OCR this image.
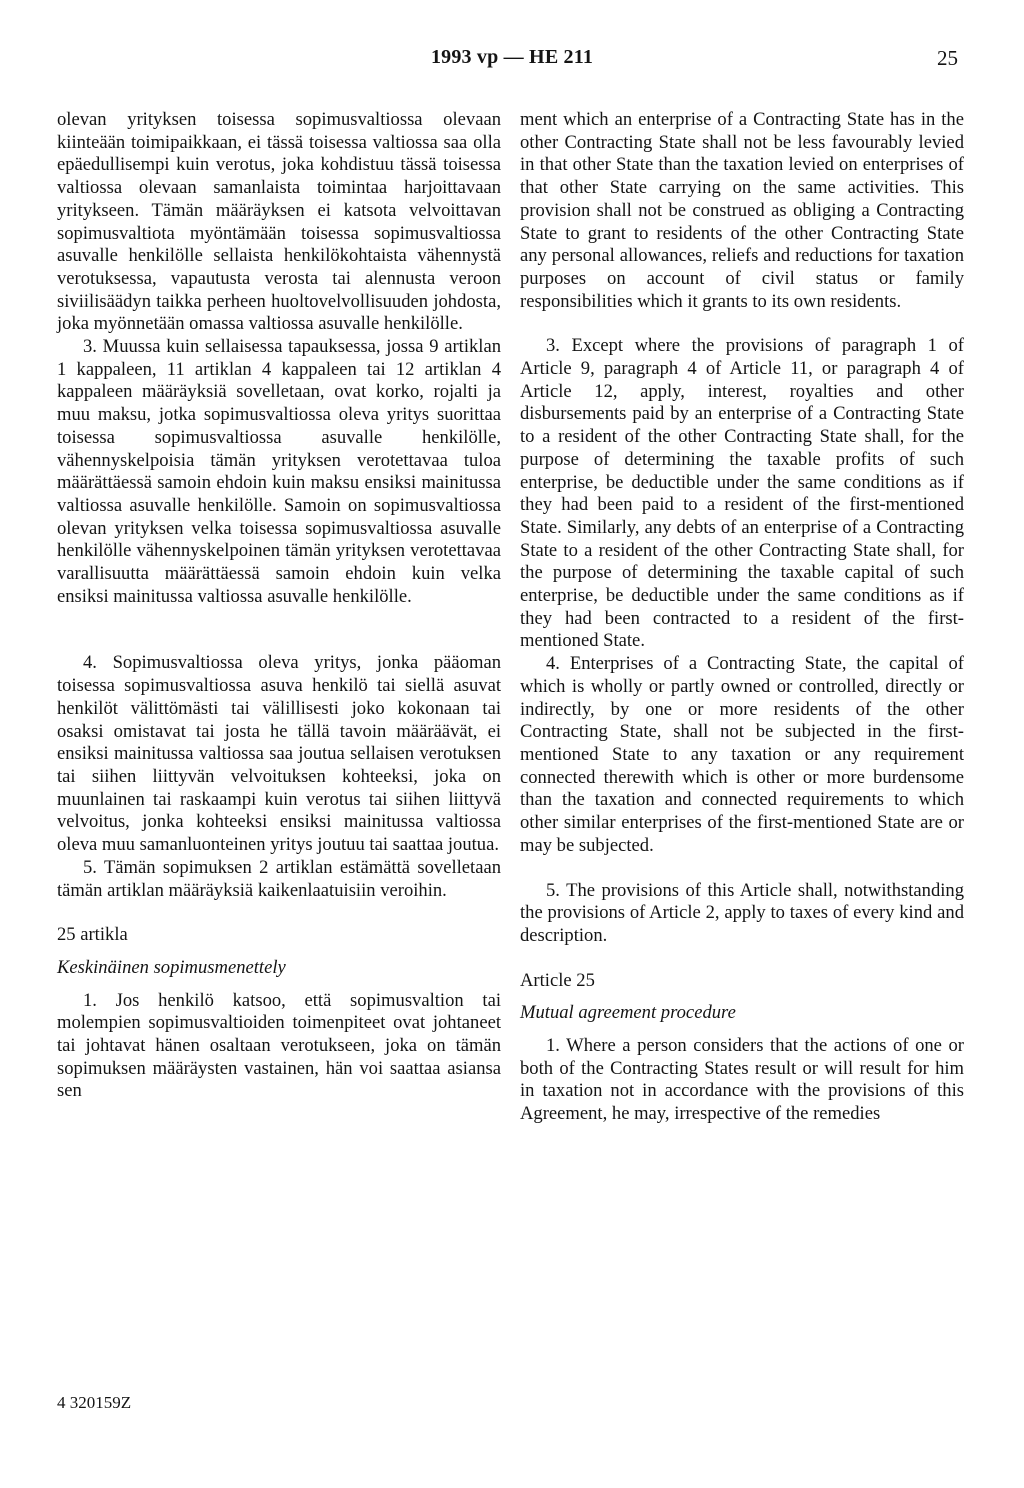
1993 vp — HE 211	25

olevan yrityksen toisessa sopimusvaltiossa olevaan kiinteään toimipaikkaan, ei tässä toisessa valtiossa saa olla epäedullisempi kuin verotus, joka kohdistuu tässä toisessa valtiossa olevaan samanlaista toimintaa harjoittavaan yritykseen. Tämän määräyksen ei katsota velvoittavan sopimusvaltiota myöntämään toisessa sopimusvaltiossa asuvalle henkilölle sellaista henkilökohtaista vähennystä verotuksessa, vapautusta verosta tai alennusta veroon siviilisäädyn taikka perheen huoltovelvollisuuden johdosta, joka myönnetään omassa valtiossa asuvalle henkilölle.

3. Muussa kuin sellaisessa tapauksessa, jossa 9 artiklan 1 kappaleen, 11 artiklan 4 kappaleen tai 12 artiklan 4 kappaleen määräyksiä sovelletaan, ovat korko, rojalti ja muu maksu, jotka sopimusvaltiossa oleva yritys suorittaa toisessa sopimusvaltiossa asuvalle henkilölle, vähennyskelpoisia tämän yrityksen verotettavaa tuloa määrättäessä samoin ehdoin kuin maksu ensiksi mainitussa valtiossa asuvalle henkilölle. Samoin on sopimusvaltiossa olevan yrityksen velka toisessa sopimusvaltiossa asuvalle henkilölle vähennyskelpoinen tämän yrityksen verotettavaa varallisuutta määrättäessä samoin ehdoin kuin velka ensiksi mainitussa valtiossa asuvalle henkilölle.

4. Sopimusvaltiossa oleva yritys, jonka pääoman toisessa sopimusvaltiossa asuva henkilö tai siellä asuvat henkilöt välittömästi tai välillisesti joko kokonaan tai osaksi omistavat tai josta he tällä tavoin määräävät, ei ensiksi mainitussa valtiossa saa joutua sellaisen verotuksen tai siihen liittyvän velvoituksen kohteeksi, joka on muunlainen tai raskaampi kuin verotus tai siihen liittyvä velvoitus, jonka kohteeksi ensiksi mainitussa valtiossa oleva muu samanluonteinen yritys joutuu tai saattaa joutua.

5. Tämän sopimuksen 2 artiklan estämättä sovelletaan tämän artiklan määräyksiä kaikenlaatuisiin veroihin.

25 artikla

Keskinäinen sopimusmenettely

1. Jos henkilö katsoo, että sopimusvaltion tai molempien sopimusvaltioiden toimenpiteet ovat johtaneet tai johtavat hänen osaltaan verotukseen, joka on tämän sopimuksen määräysten vastainen, hän voi saattaa asiansa sen

ment which an enterprise of a Contracting State has in the other Contracting State shall not be less favourably levied in that other State than the taxation levied on enterprises of that other State carrying on the same activities. This provision shall not be construed as obliging a Contracting State to grant to residents of the other Contracting State any personal allowances, reliefs and reductions for taxation purposes on account of civil status or family responsibilities which it grants to its own residents.

3. Except where the provisions of paragraph 1 of Article 9, paragraph 4 of Article 11, or paragraph 4 of Article 12, apply, interest, royalties and other disbursements paid by an enterprise of a Contracting State to a resident of the other Contracting State shall, for the purpose of determining the taxable profits of such enterprise, be deductible under the same conditions as if they had been paid to a resident of the first-mentioned State. Similarly, any debts of an enterprise of a Contracting State to a resident of the other Contracting State shall, for the purpose of determining the taxable capital of such enterprise, be deductible under the same conditions as if they had been contracted to a resident of the first-mentioned State.

4. Enterprises of a Contracting State, the capital of which is wholly or partly owned or controlled, directly or indirectly, by one or more residents of the other Contracting State, shall not be subjected in the first-mentioned State to any taxation or any requirement connected therewith which is other or more burdensome than the taxation and connected requirements to which other similar enterprises of the first-mentioned State are or may be subjected.

5. The provisions of this Article shall, notwithstanding the provisions of Article 2, apply to taxes of every kind and description.

Article 25

Mutual agreement procedure

1. Where a person considers that the actions of one or both of the Contracting States result or will result for him in taxation not in accordance with the provisions of this Agreement, he may, irrespective of the remedies

4 320159Z
